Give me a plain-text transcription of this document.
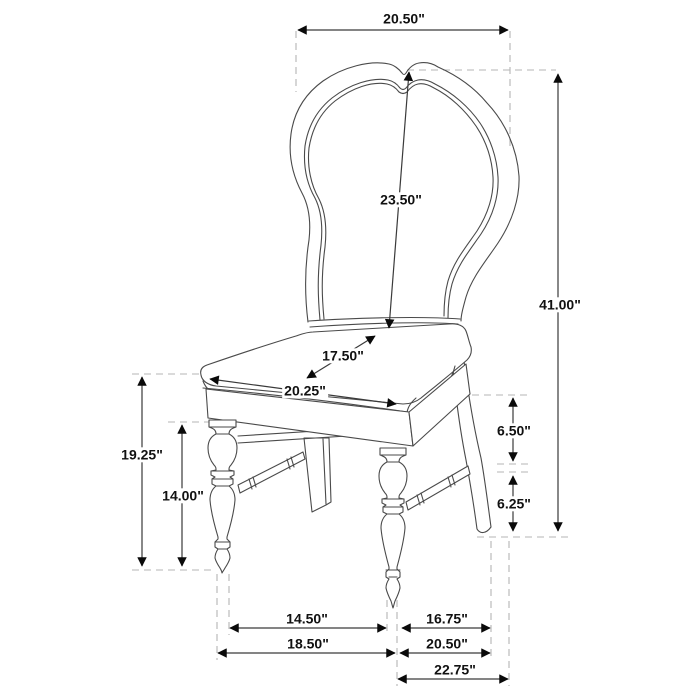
20.50"
41.00"
23.50"
17.50"
20.25"
19.25"
14.00"
6.50"
6.25"
14.50"	16.75"
18.50"	20.50"
22.75"
